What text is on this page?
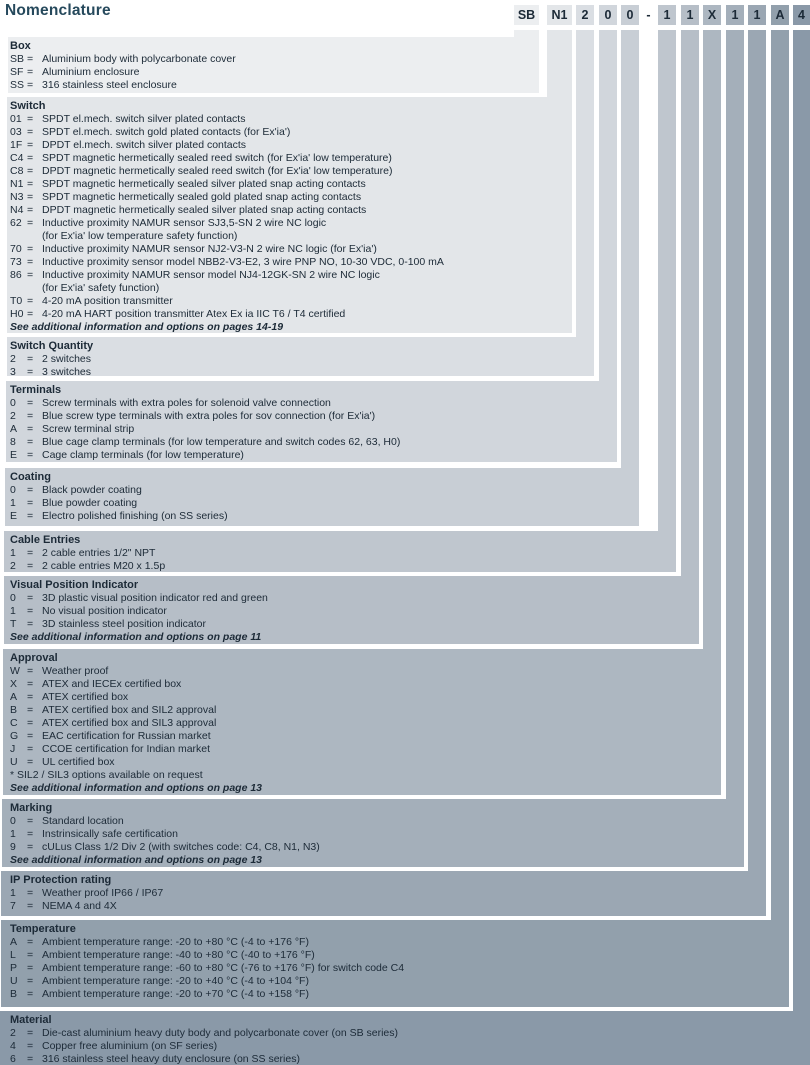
Nomenclature	SB	N1	2	0	0	1	1	X	1	1	A	4
-
Box
SB = Aluminium body with polycarbonate cover
SF = Aluminium enclosure
SS = 316 stainless steel enclosure
Switch
01 = SPDT el.mech. switch silver plated contacts
03 = SPDT el.mech. switch gold plated contacts (for Ex'ia')
1F = DPDT el.mech. switch silver plated contacts
C4 = SPDT magnetic hermetically sealed reed switch (for Ex'ia' low temperature)
C8 = DPDT magnetic hermetically sealed reed switch (for Ex'ia' low temperature)
N1 = SPDT magnetic hermetically sealed silver plated snap acting contacts
N3 = SPDT magnetic hermetically sealed gold plated snap acting contacts
N4 = DPDT magnetic hermetically sealed silver plated snap acting contacts
62 = Inductive proximity NAMUR sensor SJ3,5-SN 2 wire NC logic
(for Ex'ia' low temperature safety function)
70 = Inductive proximity NAMUR sensor NJ2-V3-N 2 wire NC logic (for Ex'ia')
73 = Inductive proximity sensor model NBB2-V3-E2, 3 wire PNP NO, 10-30 VDC, 0-100 mA
86 = Inductive proximity NAMUR sensor model NJ4-12GK-SN 2 wire NC logic
(for Ex'ia' safety function)
T0 = 4-20 mA position transmitter
H0 = 4-20 mA HART position transmitter Atex Ex ia IIC T6 / T4 certified
See additional information and options on pages 14-19
Switch Quantity
2	= 2 switches
3	= 3 switches
Terminals
0	= Screw terminals with extra poles for solenoid valve connection
2	= Blue screw type terminals with extra poles for sov connection (for Ex'ia')
A = Screw terminal strip
8	= Blue cage clamp terminals (for low temperature and switch codes 62, 63, H0)
E = Cage clamp terminals (for low temperature)
Coating
0	= Black powder coating
1	= Blue powder coating
E = Electro polished finishing (on SS series)
Cable Entries
1	= 2 cable entries 1/2" NPT
2	= 2 cable entries M20 x 1.5p
Visual Position Indicator
0	= 3D plastic visual position indicator red and green
1	= No visual position indicator
T	= 3D stainless steel position indicator
See additional information and options on page 11
Approval
W = Weather proof
X = ATEX and IECEx certified box
A = ATEX certified box
B = ATEX certified box and SIL2 approval
C = ATEX certified box and SIL3 approval
G = EAC certification for Russian market
J	= CCOE certification for Indian market
U = UL certified box
* SIL2 / SIL3 options available on request
See additional information and options on page 13
Marking
0	= Standard location
1	= Instrinsically safe certification
9	= cULus Class 1/2 Div 2 (with switches code: C4, C8, N1, N3)
See additional information and options on page 13
IP Protection rating
1	= Weather proof IP66 / IP67
7	= NEMA 4 and 4X
Temperature
A = Ambient temperature range: -20 to +80 °C (-4 to +176 °F)
L	= Ambient temperature range: -40 to +80 °C (-40 to +176 °F)
P = Ambient temperature range: -60 to +80 °C (-76 to +176 °F) for switch code C4
U = Ambient temperature range: -20 to +40 °C (-4 to +104 °F)
B = Ambient temperature range: -20 to +70 °C (-4 to +158 °F)
Material
2	= Die-cast aluminium heavy duty body and polycarbonate cover (on SB series)
4	= Copper free aluminium (on SF series)
6	= 316 stainless steel heavy duty enclosure (on SS series)
